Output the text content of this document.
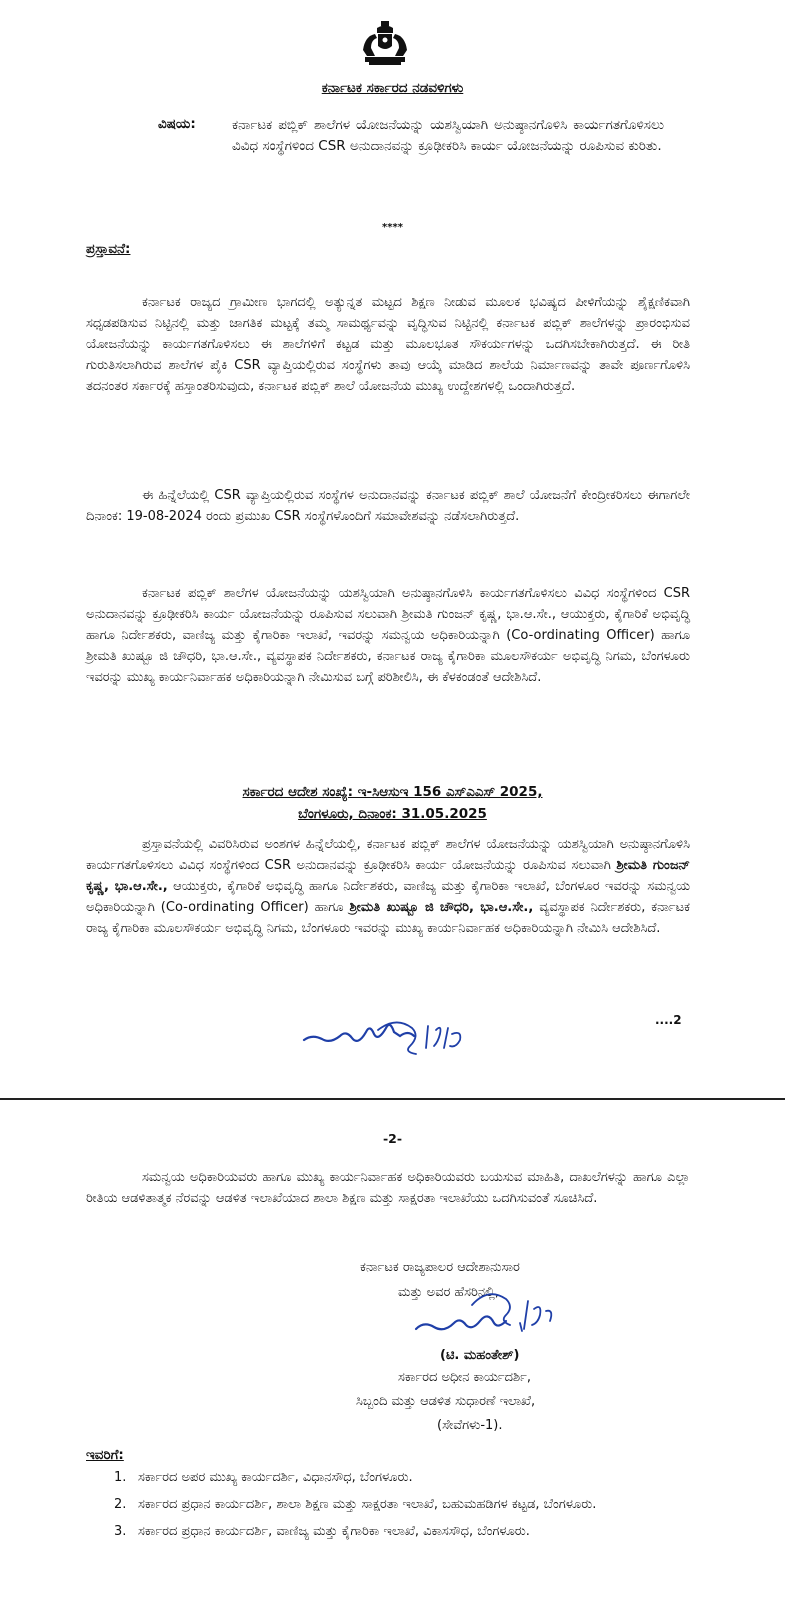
ಕರ್ನಾಟಕ ಸರ್ಕಾರದ ನಡವಳಿಗಳು
ವಿಷಯ:	ಕರ್ನಾಟಕ ಪಬ್ಲಿಕ್ ಶಾಲೆಗಳ ಯೋಜನೆಯನ್ನು ಯಶಸ್ವಿಯಾಗಿ ಅನುಷ್ಠಾನಗೊಳಿಸಿ ಕಾರ್ಯಗತಗೊಳಿಸಲು ವಿವಿಧ ಸಂಸ್ಥೆಗಳಿಂದ CSR ಅನುದಾನವನ್ನು ಕ್ರೂಢೀಕರಿಸಿ ಕಾರ್ಯ ಯೋಜನೆಯನ್ನು ರೂಪಿಸುವ ಕುರಿತು.
****
ಪ್ರಸ್ತಾವನೆ:

ಕರ್ನಾಟಕ ರಾಜ್ಯದ ಗ್ರಾಮೀಣ ಭಾಗದಲ್ಲಿ ಅತ್ಯುನ್ನತ ಮಟ್ಟದ ಶಿಕ್ಷಣ ನೀಡುವ ಮೂಲಕ ಭವಿಷ್ಯದ ಪೀಳಿಗೆಯನ್ನು ಶೈಕ್ಷಣಿಕವಾಗಿ ಸಧೃಡಪಡಿಸುವ ನಿಟ್ಟಿನಲ್ಲಿ ಮತ್ತು ಜಾಗತಿಕ ಮಟ್ಟಕ್ಕೆ ತಮ್ಮ ಸಾಮರ್ಥ್ಯವನ್ನು ವೃದ್ಧಿಸುವ ನಿಟ್ಟಿನಲ್ಲಿ ಕರ್ನಾಟಕ ಪಬ್ಲಿಕ್ ಶಾಲೆಗಳನ್ನು ಪ್ರಾರಂಭಿಸುವ ಯೋಜನೆಯನ್ನು ಕಾರ್ಯಗತಗೊಳಿಸಲು ಈ ಶಾಲೆಗಳಿಗೆ ಕಟ್ಟಡ ಮತ್ತು ಮೂಲಭೂತ ಸೌಕರ್ಯಗಳನ್ನು ಒದಗಿಸಬೇಕಾಗಿರುತ್ತದೆ. ಈ ರೀತಿ ಗುರುತಿಸಲಾಗಿರುವ ಶಾಲೆಗಳ ಪೈಕಿ CSR ವ್ಯಾಪ್ತಿಯಲ್ಲಿರುವ ಸಂಸ್ಥೆಗಳು ತಾವು ಆಯ್ಕೆ ಮಾಡಿದ ಶಾಲೆಯ ನಿರ್ಮಾಣವನ್ನು ತಾವೇ ಪೂರ್ಣಗೊಳಿಸಿ ತದನಂತರ ಸರ್ಕಾರಕ್ಕೆ ಹಸ್ತಾಂತರಿಸುವುದು, ಕರ್ನಾಟಕ ಪಬ್ಲಿಕ್ ಶಾಲೆ ಯೋಜನೆಯ ಮುಖ್ಯ ಉದ್ದೇಶಗಳಲ್ಲಿ ಒಂದಾಗಿರುತ್ತದೆ.

ಈ ಹಿನ್ನೆಲೆಯಲ್ಲಿ CSR ವ್ಯಾಪ್ತಿಯಲ್ಲಿರುವ ಸಂಸ್ಥೆಗಳ ಅನುದಾನವನ್ನು ಕರ್ನಾಟಕ ಪಬ್ಲಿಕ್ ಶಾಲೆ ಯೋಜನೆಗೆ ಕೇಂದ್ರೀಕರಿಸಲು ಈಗಾಗಲೇ ದಿನಾಂಕ: 19-08-2024 ರಂದು ಪ್ರಮುಖ CSR ಸಂಸ್ಥೆಗಳೊಂದಿಗೆ ಸಮಾವೇಶವನ್ನು ನಡೆಸಲಾಗಿರುತ್ತದೆ.

ಕರ್ನಾಟಕ ಪಬ್ಲಿಕ್ ಶಾಲೆಗಳ ಯೋಜನೆಯನ್ನು ಯಶಸ್ವಿಯಾಗಿ ಅನುಷ್ಠಾನಗೊಳಿಸಿ ಕಾರ್ಯಗತಗೊಳಿಸಲು ವಿವಿಧ ಸಂಸ್ಥೆಗಳಿಂದ CSR ಅನುದಾನವನ್ನು ಕ್ರೂಢೀಕರಿಸಿ ಕಾರ್ಯ ಯೋಜನೆಯನ್ನು ರೂಪಿಸುವ ಸಲುವಾಗಿ ಶ್ರೀಮತಿ ಗುಂಜನ್ ಕೃಷ್ಣ, ಭಾ.ಆ.ಸೇ., ಆಯುಕ್ತರು, ಕೈಗಾರಿಕೆ ಅಭಿವೃದ್ಧಿ ಹಾಗೂ ನಿರ್ದೇಶಕರು, ವಾಣಿಜ್ಯ ಮತ್ತು ಕೈಗಾರಿಕಾ ಇಲಾಖೆ, ಇವರನ್ನು ಸಮನ್ವಯ ಅಧಿಕಾರಿಯನ್ನಾಗಿ (Co-ordinating Officer) ಹಾಗೂ ಶ್ರೀಮತಿ ಖುಷ್ಬೂ ಜಿ ಚೌಧರಿ, ಭಾ.ಆ.ಸೇ., ವ್ಯವಸ್ಥಾಪಕ ನಿರ್ದೇಶಕರು, ಕರ್ನಾಟಕ ರಾಜ್ಯ ಕೈಗಾರಿಕಾ ಮೂಲಸೌಕರ್ಯ ಅಭಿವೃದ್ಧಿ ನಿಗಮ, ಬೆಂಗಳೂರು ಇವರನ್ನು ಮುಖ್ಯ ಕಾರ್ಯನಿರ್ವಾಹಕ ಅಧಿಕಾರಿಯನ್ನಾಗಿ ನೇಮಿಸುವ ಬಗ್ಗೆ ಪರಿಶೀಲಿಸಿ, ಈ ಕೆಳಕಂಡಂತೆ ಆದೇಶಿಸಿದೆ.

ಸರ್ಕಾರದ ಆದೇಶ ಸಂಖ್ಯೆ: ಇ-ಸಿಆಸುಇ 156 ಎಸ್‌ಎಎಸ್ 2025,
ಬೆಂಗಳೂರು, ದಿನಾಂಕ: 31.05.2025

ಪ್ರಸ್ತಾವನೆಯಲ್ಲಿ ವಿವರಿಸಿರುವ ಅಂಶಗಳ ಹಿನ್ನೆಲೆಯಲ್ಲಿ, ಕರ್ನಾಟಕ ಪಬ್ಲಿಕ್ ಶಾಲೆಗಳ ಯೋಜನೆಯನ್ನು ಯಶಸ್ವಿಯಾಗಿ ಅನುಷ್ಠಾನಗೊಳಿಸಿ ಕಾರ್ಯಗತಗೊಳಿಸಲು ವಿವಿಧ ಸಂಸ್ಥೆಗಳಿಂದ CSR ಅನುದಾನವನ್ನು ಕ್ರೂಢೀಕರಿಸಿ ಕಾರ್ಯ ಯೋಜನೆಯನ್ನು ರೂಪಿಸುವ ಸಲುವಾಗಿ ಶ್ರೀಮತಿ ಗುಂಜನ್ ಕೃಷ್ಣ, ಭಾ.ಆ.ಸೇ., ಆಯುಕ್ತರು, ಕೈಗಾರಿಕೆ ಅಭಿವೃದ್ಧಿ ಹಾಗೂ ನಿರ್ದೇಶಕರು, ವಾಣಿಜ್ಯ ಮತ್ತು ಕೈಗಾರಿಕಾ ಇಲಾಖೆ, ಬೆಂಗಳೂರ ಇವರನ್ನು ಸಮನ್ವಯ ಅಧಿಕಾರಿಯನ್ನಾಗಿ (Co-ordinating Officer) ಹಾಗೂ ಶ್ರೀಮತಿ ಖುಷ್ಬೂ ಜಿ ಚೌಧರಿ, ಭಾ.ಆ.ಸೇ., ವ್ಯವಸ್ಥಾಪಕ ನಿರ್ದೇಶಕರು, ಕರ್ನಾಟಕ ರಾಜ್ಯ ಕೈಗಾರಿಕಾ ಮೂಲಸೌಕರ್ಯ ಅಭಿವೃದ್ಧಿ ನಿಗಮ, ಬೆಂಗಳೂರು ಇವರನ್ನು ಮುಖ್ಯ ಕಾರ್ಯನಿರ್ವಾಹಕ ಅಧಿಕಾರಿಯನ್ನಾಗಿ ನೇಮಿಸಿ ಆದೇಶಿಸಿದೆ.

....2
-2-

ಸಮನ್ವಯ ಅಧಿಕಾರಿಯವರು ಹಾಗೂ ಮುಖ್ಯ ಕಾರ್ಯನಿರ್ವಾಹಕ ಅಧಿಕಾರಿಯವರು ಬಯಸುವ ಮಾಹಿತಿ, ದಾಖಲೆಗಳನ್ನು ಹಾಗೂ ಎಲ್ಲಾ ರೀತಿಯ ಆಡಳಿತಾತ್ಮಕ ನೆರವನ್ನು ಆಡಳಿತ ಇಲಾಖೆಯಾದ ಶಾಲಾ ಶಿಕ್ಷಣ ಮತ್ತು ಸಾಕ್ಷರತಾ ಇಲಾಖೆಯು ಒದಗಿಸುವಂತೆ ಸೂಚಿಸಿದೆ.

ಕರ್ನಾಟಕ ರಾಜ್ಯಪಾಲರ ಆದೇಶಾನುಸಾರ
ಮತ್ತು ಅವರ ಹೆಸರಿನಲ್ಲಿ,
(ಟಿ. ಮಹಂತೇಶ್)
ಸರ್ಕಾರದ ಅಧೀನ ಕಾರ್ಯದರ್ಶಿ,
ಸಿಬ್ಬಂದಿ ಮತ್ತು ಆಡಳಿತ ಸುಧಾರಣೆ ಇಲಾಖೆ,
(ಸೇವೆಗಳು-1).
ಇವರಿಗೆ:
1. ಸರ್ಕಾರದ ಅಪರ ಮುಖ್ಯ ಕಾರ್ಯದರ್ಶಿ, ವಿಧಾನಸೌಧ, ಬೆಂಗಳೂರು.
2. ಸರ್ಕಾರದ ಪ್ರಧಾನ ಕಾರ್ಯದರ್ಶಿ, ಶಾಲಾ ಶಿಕ್ಷಣ ಮತ್ತು ಸಾಕ್ಷರತಾ ಇಲಾಖೆ, ಬಹುಮಹಡಿಗಳ ಕಟ್ಟಡ, ಬೆಂಗಳೂರು.
3. ಸರ್ಕಾರದ ಪ್ರಧಾನ ಕಾರ್ಯದರ್ಶಿ, ವಾಣಿಜ್ಯ ಮತ್ತು ಕೈಗಾರಿಕಾ ಇಲಾಖೆ, ವಿಕಾಸಸೌಧ, ಬೆಂಗಳೂರು.
